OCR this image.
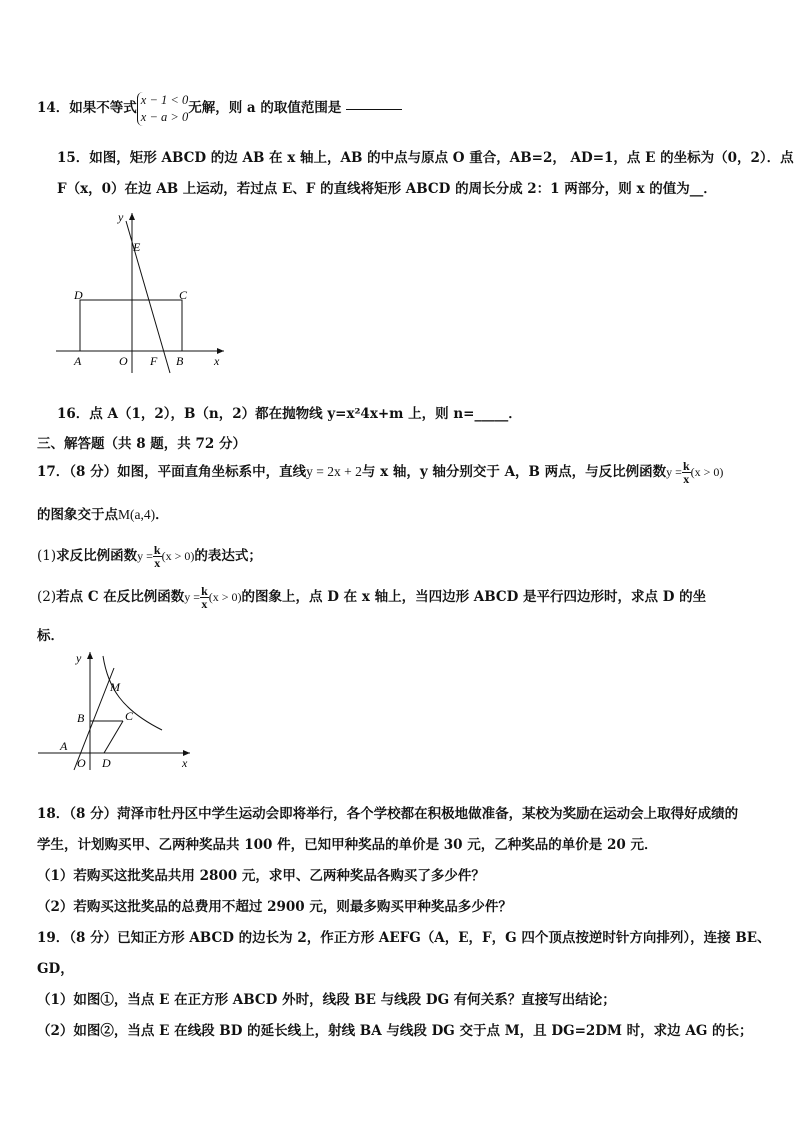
14．如果不等式
x − 1 < 0
x − a > 0
无解，则 a 的取值范围是
15．如图，矩形 ABCD 的边 AB 在 x 轴上，AB 的中点与原点 O 重合，AB=2， AD=1，点 E 的坐标为（0，2）．点
F（x，0）在边 AB 上运动，若过点 E、F 的直线将矩形 ABCD 的周长分成 2：1 两部分，则 x 的值为__．
y
E
D	C
A	O F B	x
16．点 A（1，2），B（n，2）都在抛物线 y=x²4x+m 上，则 n=_____．
三、解答题（共 8 题，共 72 分）
17．（8 分）如图，平面直角坐标系中，直线y = 2x + 2与 x 轴，y 轴分别交于 A，B 两点，与反比例函数$y = \frac{k}{x} (x > 0)$
的图象交于点M(a,4)．
(1)求反比例函数$y = \frac{k}{x} (x > 0)$的表达式；
(2)若点 C 在反比例函数$y = \frac{k}{x} (x > 0)$的图象上，点 D 在 x 轴上，当四边形 ABCD 是平行四边形时，求点 D 的坐
标．
y
M
B	C
A
O D	x
18．（8 分）菏泽市牡丹区中学生运动会即将举行，各个学校都在积极地做准备，某校为奖励在运动会上取得好成绩的
学生，计划购买甲、乙两种奖品共 100 件，已知甲种奖品的单价是 30 元，乙种奖品的单价是 20 元．
（1）若购买这批奖品共用 2800 元，求甲、乙两种奖品各购买了多少件？
（2）若购买这批奖品的总费用不超过 2900 元，则最多购买甲种奖品多少件？
19．（8 分）已知正方形 ABCD 的边长为 2，作正方形 AEFG（A，E，F，G 四个顶点按逆时针方向排列），连接 BE、
GD，
（1）如图①，当点 E 在正方形 ABCD 外时，线段 BE 与线段 DG 有何关系？直接写出结论；
（2）如图②，当点 E 在线段 BD 的延长线上，射线 BA 与线段 DG 交于点 M，且 DG=2DM 时，求边 AG 的长；
